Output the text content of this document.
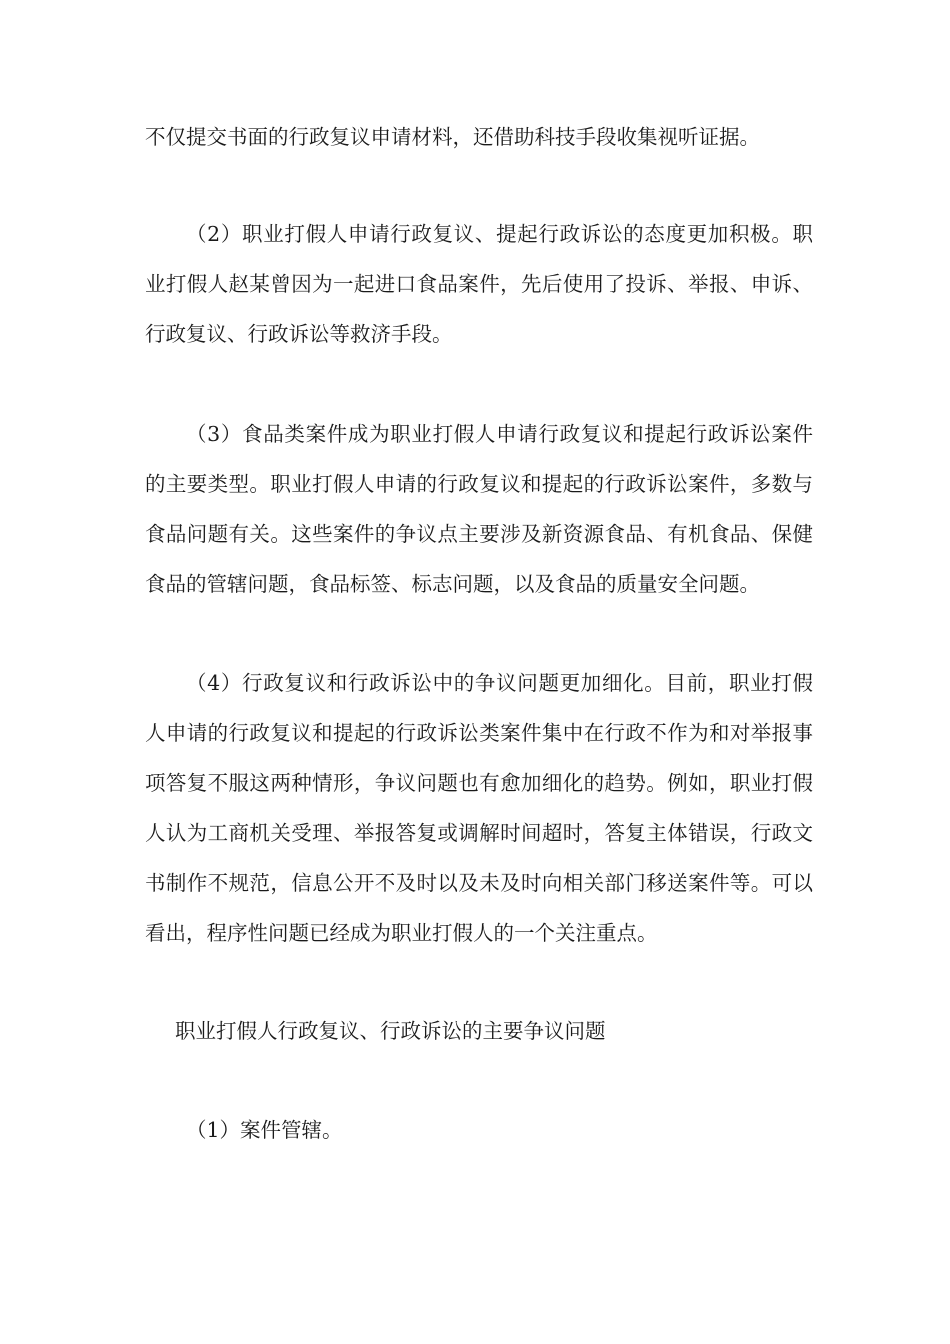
不仅提交书面的行政复议申请材料，还借助科技手段收集视听证据。

（2）职业打假人申请行政复议、提起行政诉讼的态度更加积极。职业打假人赵某曾因为一起进口食品案件，先后使用了投诉、举报、申诉、行政复议、行政诉讼等救济手段。

（3）食品类案件成为职业打假人申请行政复议和提起行政诉讼案件的主要类型。职业打假人申请的行政复议和提起的行政诉讼案件，多数与食品问题有关。这些案件的争议点主要涉及新资源食品、有机食品、保健食品的管辖问题，食品标签、标志问题，以及食品的质量安全问题。

（4）行政复议和行政诉讼中的争议问题更加细化。目前，职业打假人申请的行政复议和提起的行政诉讼类案件集中在行政不作为和对举报事项答复不服这两种情形，争议问题也有愈加细化的趋势。例如，职业打假人认为工商机关受理、举报答复或调解时间超时，答复主体错误，行政文书制作不规范，信息公开不及时以及未及时向相关部门移送案件等。可以看出，程序性问题已经成为职业打假人的一个关注重点。

职业打假人行政复议、行政诉讼的主要争议问题

（1）案件管辖。
